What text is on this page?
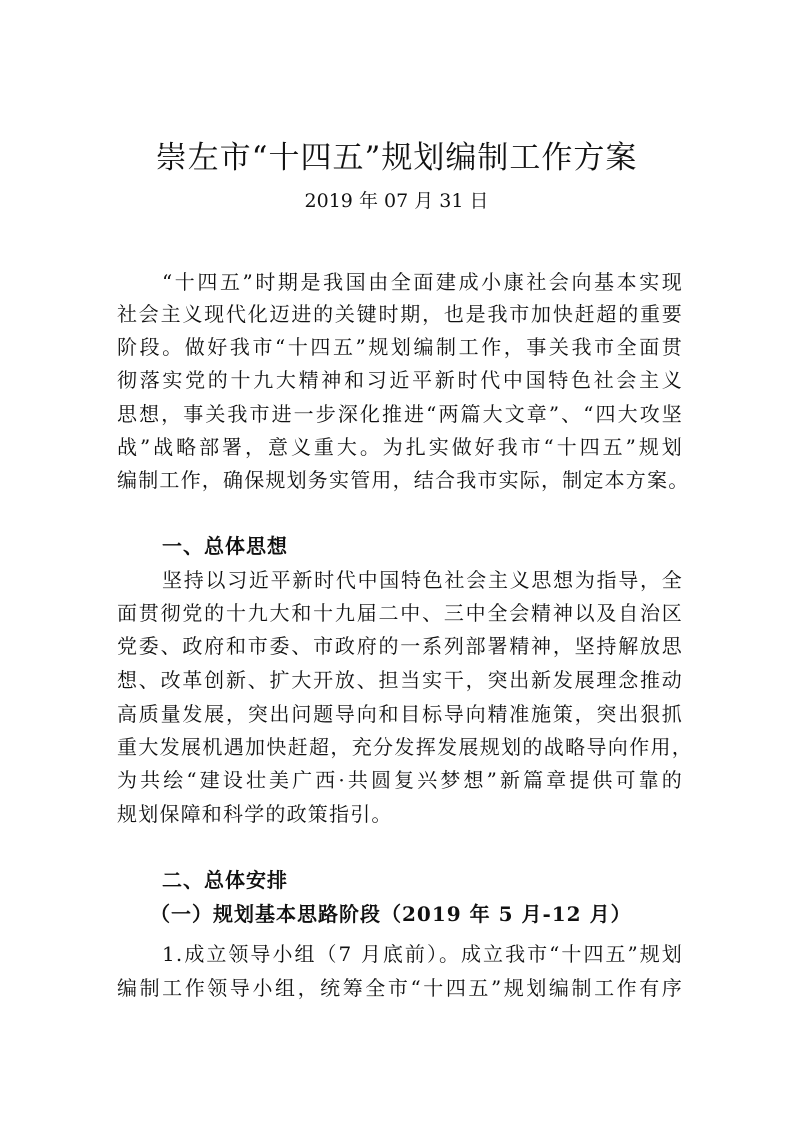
崇左市“十四五”规划编制工作方案
2019 年 07 月 31 日
“十四五”时期是我国由全面建成小康社会向基本实现
社会主义现代化迈进的关键时期，也是我市加快赶超的重要
阶段。做好我市“十四五”规划编制工作，事关我市全面贯
彻落实党的十九大精神和习近平新时代中国特色社会主义
思想，事关我市进一步深化推进“两篇大文章”、“四大攻坚
战”战略部署，意义重大。为扎实做好我市“十四五”规划
编制工作，确保规划务实管用，结合我市实际，制定本方案。
一、总体思想
坚持以习近平新时代中国特色社会主义思想为指导，全
面贯彻党的十九大和十九届二中、三中全会精神以及自治区
党委、政府和市委、市政府的一系列部署精神，坚持解放思
想、改革创新、扩大开放、担当实干，突出新发展理念推动
高质量发展，突出问题导向和目标导向精准施策，突出狠抓
重大发展机遇加快赶超，充分发挥发展规划的战略导向作用，
为共绘“建设壮美广西·共圆复兴梦想”新篇章提供可靠的
规划保障和科学的政策指引。
二、总体安排
（一）规划基本思路阶段（2019 年 5 月-12 月）
1.成立领导小组（7 月底前）。成立我市“十四五”规划
编制工作领导小组，统筹全市“十四五”规划编制工作有序
